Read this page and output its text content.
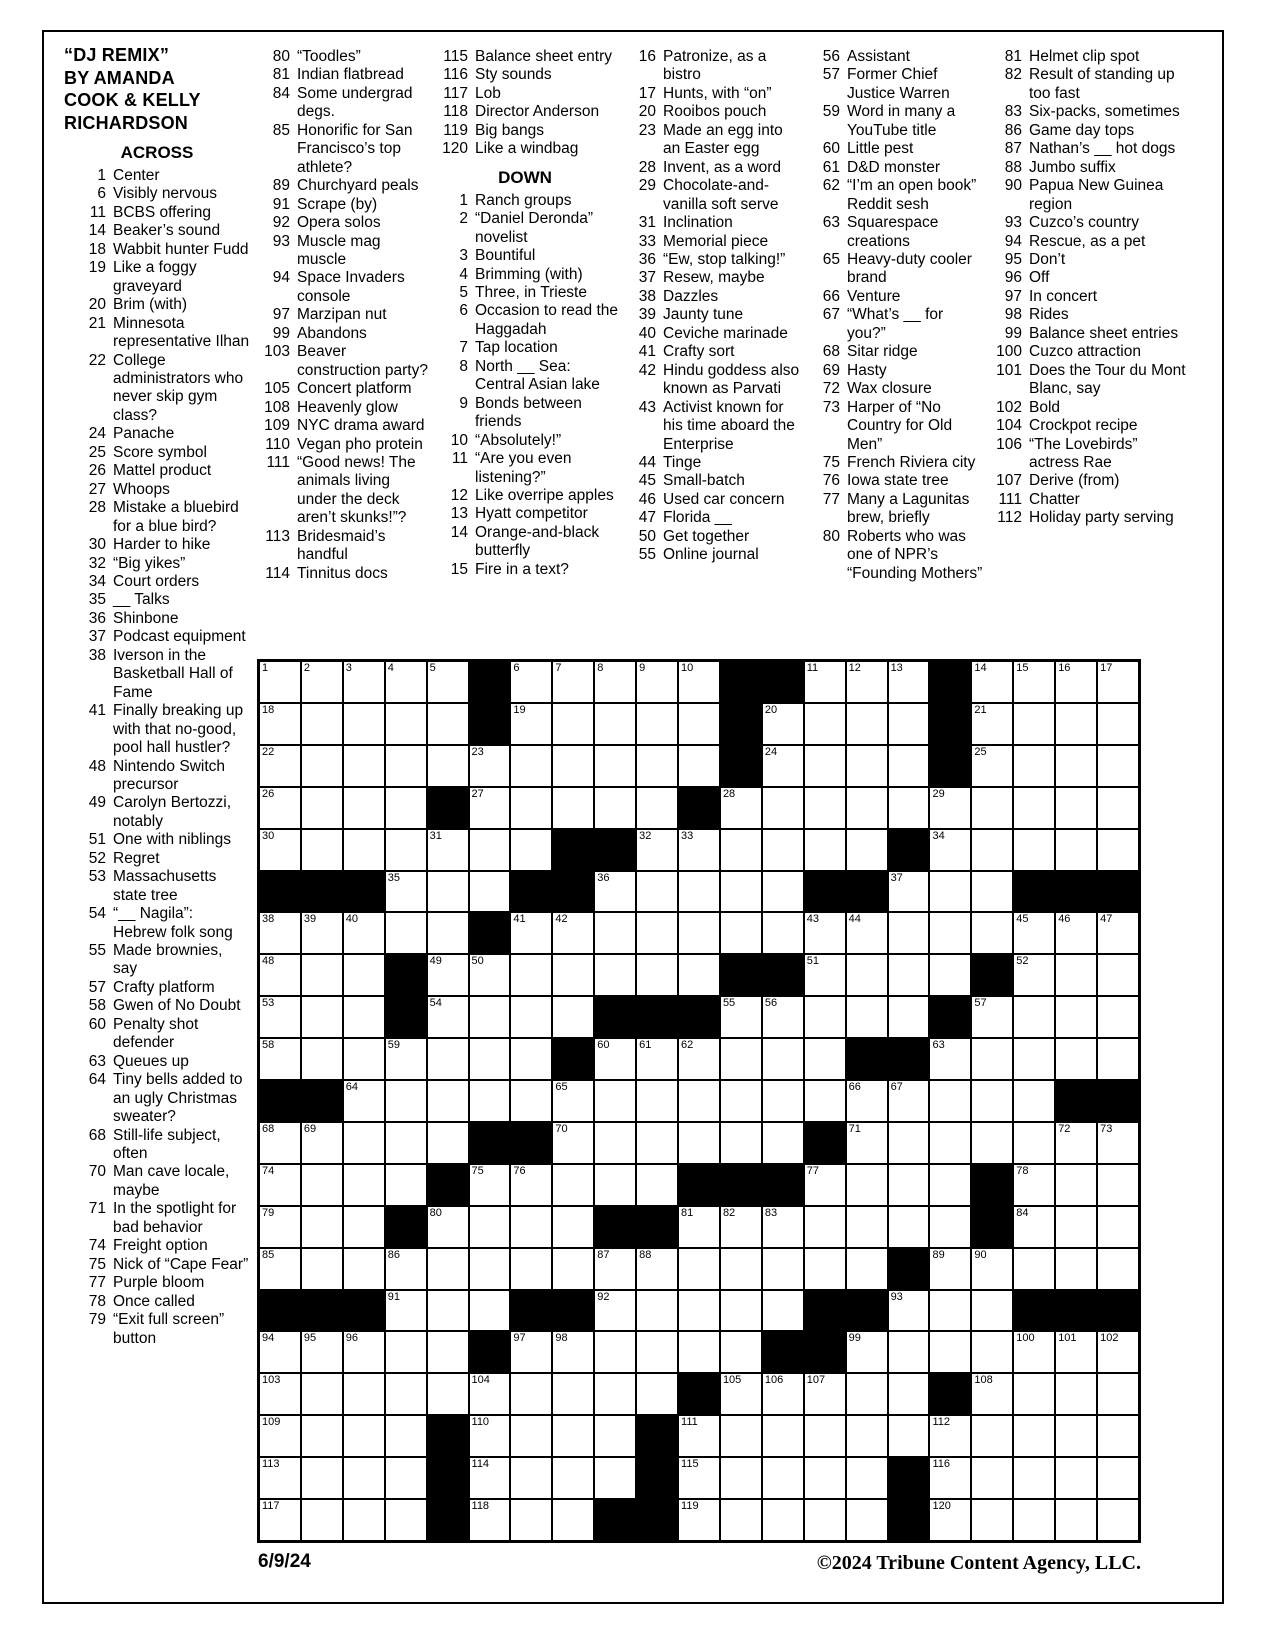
“DJ REMIX”
BY AMANDA
COOK & KELLY
RICHARDSON
ACROSS
1 Center
6 Visibly nervous
11 BCBS offering
14 Beaker’s sound
18 Wabbit hunter Fudd
19 Like a foggy graveyard
20 Brim (with)
21 Minnesota representative Ilhan
22 College administrators who never skip gym class?
24 Panache
25 Score symbol
26 Mattel product
27 Whoops
28 Mistake a bluebird for a blue bird?
30 Harder to hike
32 “Big yikes”
34 Court orders
35 __ Talks
36 Shinbone
37 Podcast equipment
38 Iverson in the Basketball Hall of Fame
41 Finally breaking up with that no-good, pool hall hustler?
48 Nintendo Switch precursor
49 Carolyn Bertozzi, notably
51 One with niblings
52 Regret
53 Massachusetts state tree
54 “__ Nagila”: Hebrew folk song
55 Made brownies, say
57 Crafty platform
58 Gwen of No Doubt
60 Penalty shot defender
63 Queues up
64 Tiny bells added to an ugly Christmas sweater?
68 Still-life subject, often
70 Man cave locale, maybe
71 In the spotlight for bad behavior
74 Freight option
75 Nick of “Cape Fear”
77 Purple bloom
78 Once called
79 “Exit full screen” button
80 “Toodles”
81 Indian flatbread
84 Some undergrad degs.
85 Honorific for San Francisco’s top athlete?
89 Churchyard peals
91 Scrape (by)
92 Opera solos
93 Muscle mag muscle
94 Space Invaders console
97 Marzipan nut
99 Abandons
103 Beaver construction party?
105 Concert platform
108 Heavenly glow
109 NYC drama award
110 Vegan pho protein
111 “Good news! The animals living under the deck aren’t skunks!”?
113 Bridesmaid’s handful
114 Tinnitus docs
115 Balance sheet entry
116 Sty sounds
117 Lob
118 Director Anderson
119 Big bangs
120 Like a windbag
DOWN
1 Ranch groups
2 “Daniel Deronda” novelist
3 Bountiful
4 Brimming (with)
5 Three, in Trieste
6 Occasion to read the Haggadah
7 Tap location
8 North __ Sea: Central Asian lake
9 Bonds between friends
10 “Absolutely!”
11 “Are you even listening?”
12 Like overripe apples
13 Hyatt competitor
14 Orange-and-black butterfly
15 Fire in a text?
16 Patronize, as a bistro
17 Hunts, with “on”
20 Rooibos pouch
23 Made an egg into an Easter egg
28 Invent, as a word
29 Chocolate-and-vanilla soft serve
31 Inclination
33 Memorial piece
36 “Ew, stop talking!”
37 Resew, maybe
38 Dazzles
39 Jaunty tune
40 Ceviche marinade
41 Crafty sort
42 Hindu goddess also known as Parvati
43 Activist known for his time aboard the Enterprise
44 Tinge
45 Small-batch
46 Used car concern
47 Florida __
50 Get together
55 Online journal
56 Assistant
57 Former Chief Justice Warren
59 Word in many a YouTube title
60 Little pest
61 D&D monster
62 “I’m an open book” Reddit sesh
63 Squarespace creations
65 Heavy-duty cooler brand
66 Venture
67 “What’s __ for you?”
68 Sitar ridge
69 Hasty
72 Wax closure
73 Harper of “No Country for Old Men”
75 French Riviera city
76 Iowa state tree
77 Many a Lagunitas brew, briefly
80 Roberts who was one of NPR’s “Founding Mothers”
81 Helmet clip spot
82 Result of standing up too fast
83 Six-packs, sometimes
86 Game day tops
87 Nathan’s __ hot dogs
88 Jumbo suffix
90 Papua New Guinea region
93 Cuzco’s country
94 Rescue, as a pet
95 Don’t
96 Off
97 In concert
98 Rides
99 Balance sheet entries
100 Cuzco attraction
101 Does the Tour du Mont Blanc, say
102 Bold
104 Crockpot recipe
106 “The Lovebirds” actress Rae
107 Derive (from)
111 Chatter
112 Holiday party serving
1	2	3	4	5	6	7	8	9	10	11	12	13	14	15	16	17
18	19	20	21
22	23	24	25
26	27	28	29
30	31	32	33	34
35	36	37
38	39	40	41	42	43	44	45	46	47
48	49	50	51	52
53	54	55	56	57
58	59	60	61	62	63
64	65	66	67
68	69	70	71	72	73
74	75	76	77	78
79	80	81	82	83	84
85	86	87	88	89	90
91	92	93
94	95	96	97	98	99	100 101 102
103	104	105 106 107	108
109	110	111	112
113	114	115	116
117	118	119	120
6/9/24	©2024 Tribune Content Agency, LLC.
